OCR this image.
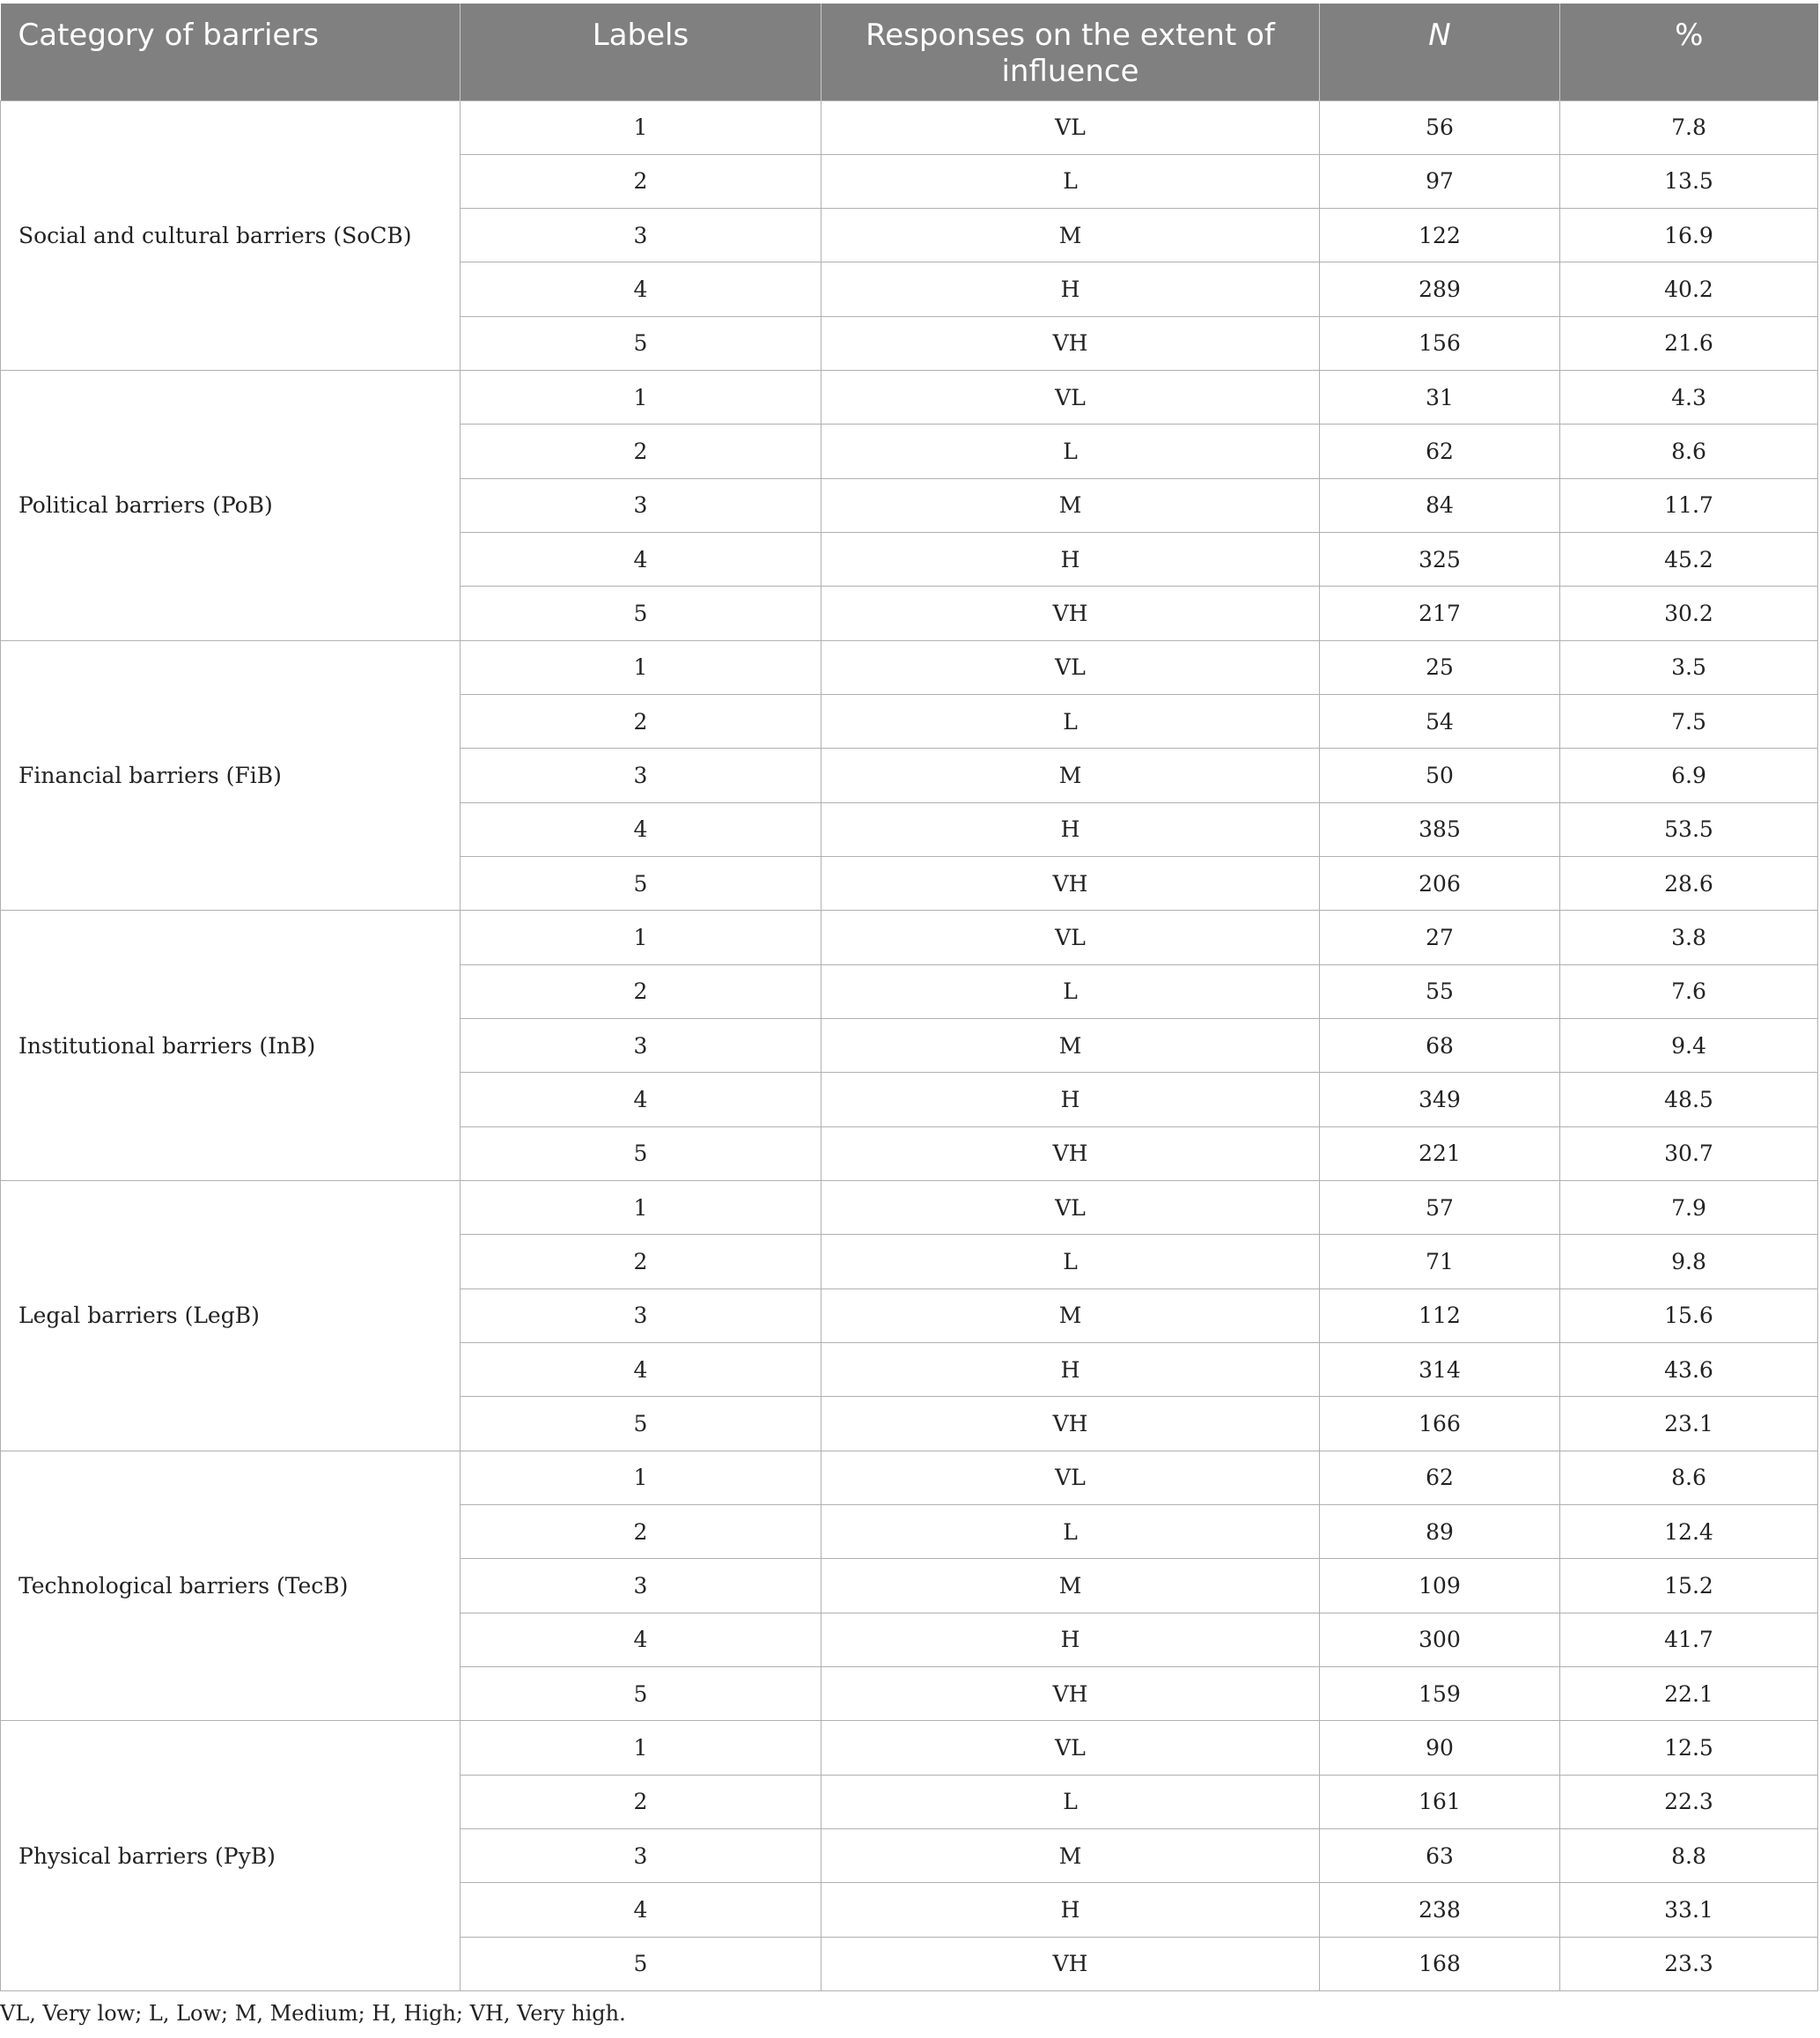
Category of barriers	Labels	Responses on the extent of influence	N	%
Social and cultural barriers (SoCB)	1	VL	56	7.8
	2	L	97	13.5
	3	M	122	16.9
	4	H	289	40.2
	5	VH	156	21.6
Political barriers (PoB)	1	VL	31	4.3
	2	L	62	8.6
	3	M	84	11.7
	4	H	325	45.2
	5	VH	217	30.2
Financial barriers (FiB)	1	VL	25	3.5
	2	L	54	7.5
	3	M	50	6.9
	4	H	385	53.5
	5	VH	206	28.6
Institutional barriers (InB)	1	VL	27	3.8
	2	L	55	7.6
	3	M	68	9.4
	4	H	349	48.5
	5	VH	221	30.7
Legal barriers (LegB)	1	VL	57	7.9
	2	L	71	9.8
	3	M	112	15.6
	4	H	314	43.6
	5	VH	166	23.1
Technological barriers (TecB)	1	VL	62	8.6
	2	L	89	12.4
	3	M	109	15.2
	4	H	300	41.7
	5	VH	159	22.1
Physical barriers (PyB)	1	VL	90	12.5
	2	L	161	22.3
	3	M	63	8.8
	4	H	238	33.1
	5	VH	168	23.3
VL, Very low; L, Low; M, Medium; H, High; VH, Very high.
